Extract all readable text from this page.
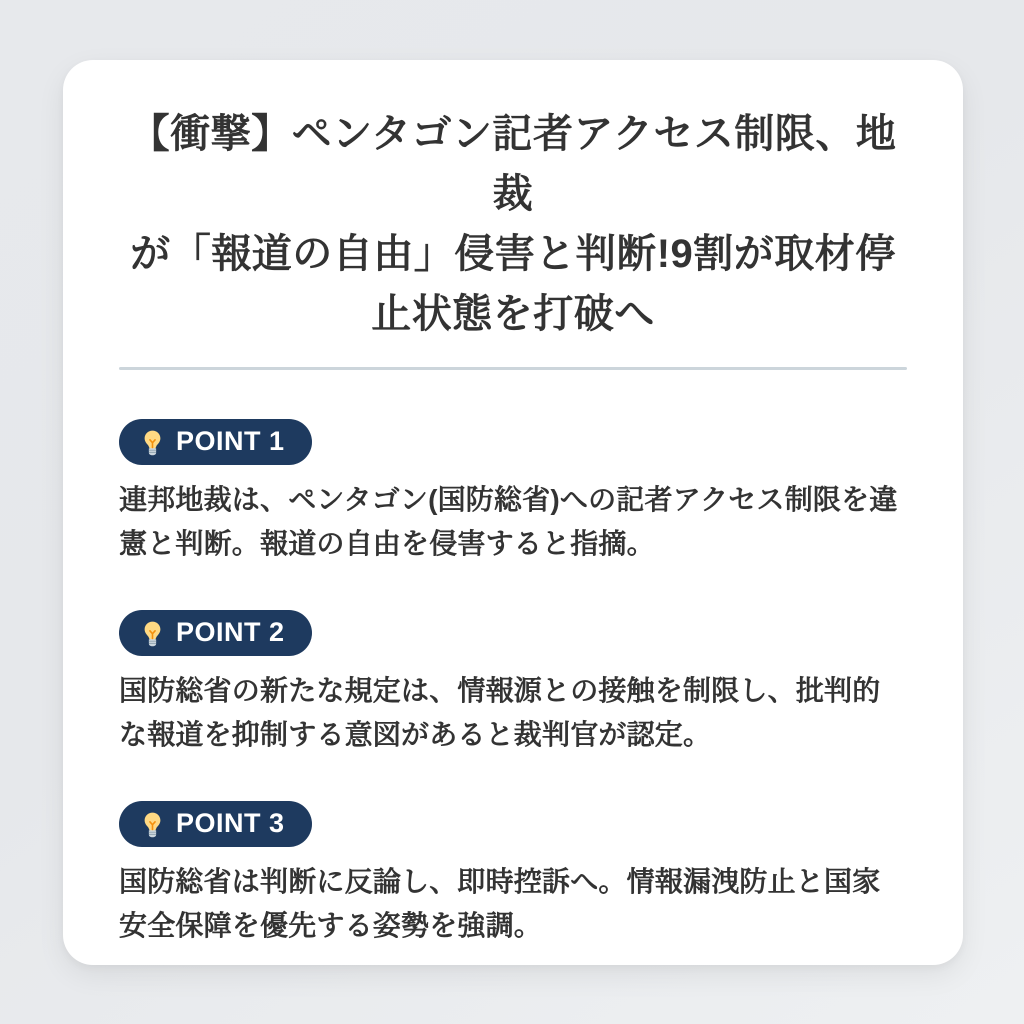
【衝撃】ペンタゴン記者アクセス制限、地裁
が「報道の自由」侵害と判断!9割が取材停
止状態を打破へ
POINT 1
連邦地裁は、ペンタゴン(国防総省)への記者アクセス制限を違憲と判断。報道の自由を侵害すると指摘。
POINT 2
国防総省の新たな規定は、情報源との接触を制限し、批判的な報道を抑制する意図があると裁判官が認定。
POINT 3
国防総省は判断に反論し、即時控訴へ。情報漏洩防止と国家安全保障を優先する姿勢を強調。
